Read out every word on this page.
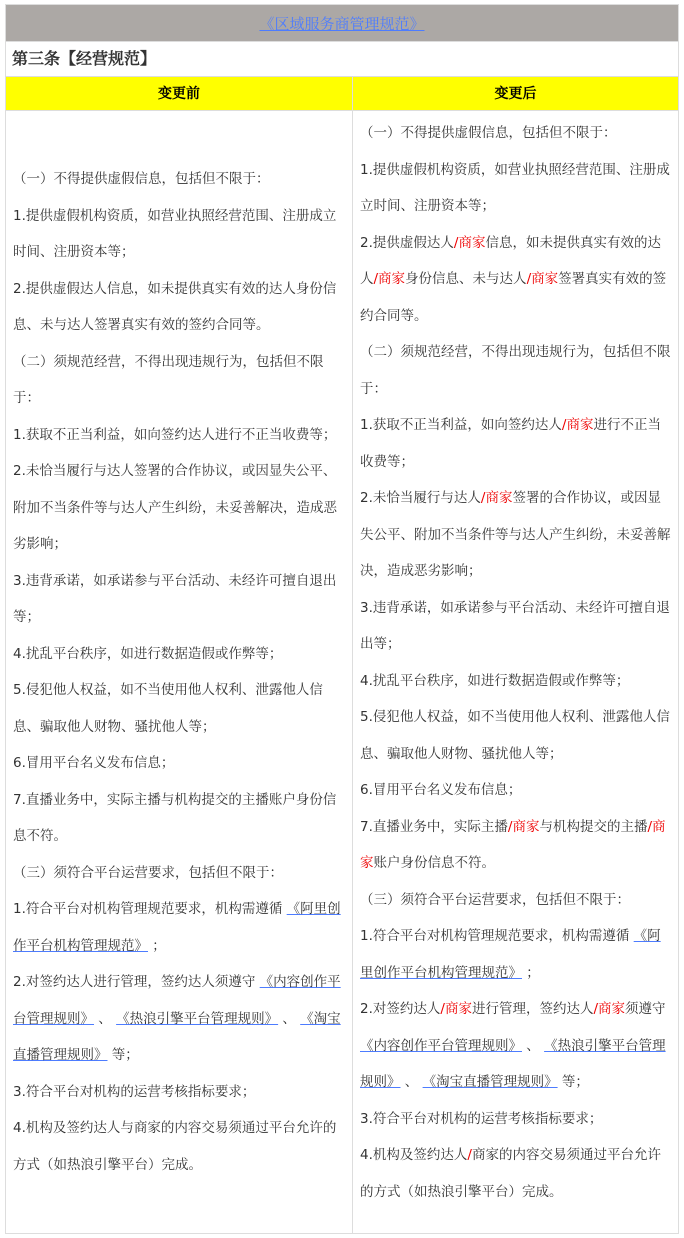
《区域服务商管理规范》
第三条【经营规范】
变更前	变更后

（一）不得提供虚假信息，包括但不限于：

1.提供虚假机构资质，如营业执照经营范围、注册成立时间、注册资本等；

2.提供虚假达人信息，如未提供真实有效的达人身份信息、未与达人签署真实有效的签约合同等。

（二）须规范经营，不得出现违规行为，包括但不限于：

1.获取不正当利益，如向签约达人进行不正当收费等；

2.未恰当履行与达人签署的合作协议，或因显失公平、附加不当条件等与达人产生纠纷，未妥善解决，造成恶劣影响；

3.违背承诺，如承诺参与平台活动、未经许可擅自退出等；

4.扰乱平台秩序，如进行数据造假或作弊等；

5.侵犯他人权益，如不当使用他人权利、泄露他人信息、骗取他人财物、骚扰他人等；

6.冒用平台名义发布信息；

7.直播业务中，实际主播与机构提交的主播账户身份信息不符。

（三）须符合平台运营要求，包括但不限于：

1.符合平台对机构管理规范要求，机构需遵循 《阿里创作平台机构管理规范》 ；

2.对签约达人进行管理，签约达人须遵守 《内容创作平台管理规则》 、 《热浪引擎平台管理规则》 、 《淘宝直播管理规则》 等；

3.符合平台对机构的运营考核指标要求；

4.机构及签约达人与商家的内容交易须通过平台允许的方式（如热浪引擎平台）完成。

（一）不得提供虚假信息，包括但不限于：

1.提供虚假机构资质，如营业执照经营范围、注册成立时间、注册资本等；

2.提供虚假达人/商家信息，如未提供真实有效的达人/商家身份信息、未与达人/商家签署真实有效的签约合同等。

（二）须规范经营，不得出现违规行为，包括但不限于：

1.获取不正当利益，如向签约达人/商家进行不正当收费等；

2.未恰当履行与达人/商家签署的合作协议，或因显失公平、附加不当条件等与达人产生纠纷，未妥善解决，造成恶劣影响；

3.违背承诺，如承诺参与平台活动、未经许可擅自退出等；

4.扰乱平台秩序，如进行数据造假或作弊等；

5.侵犯他人权益，如不当使用他人权利、泄露他人信息、骗取他人财物、骚扰他人等；

6.冒用平台名义发布信息；

7.直播业务中，实际主播/商家与机构提交的主播/商家账户身份信息不符。

（三）须符合平台运营要求，包括但不限于：

1.符合平台对机构管理规范要求，机构需遵循 《阿里创作平台机构管理规范》 ；

2.对签约达人/商家进行管理，签约达人/商家须遵守 《内容创作平台管理规则》 、 《热浪引擎平台管理规则》 、 《淘宝直播管理规则》 等；

3.符合平台对机构的运营考核指标要求；

4.机构及签约达人/商家的内容交易须通过平台允许的方式（如热浪引擎平台）完成。
